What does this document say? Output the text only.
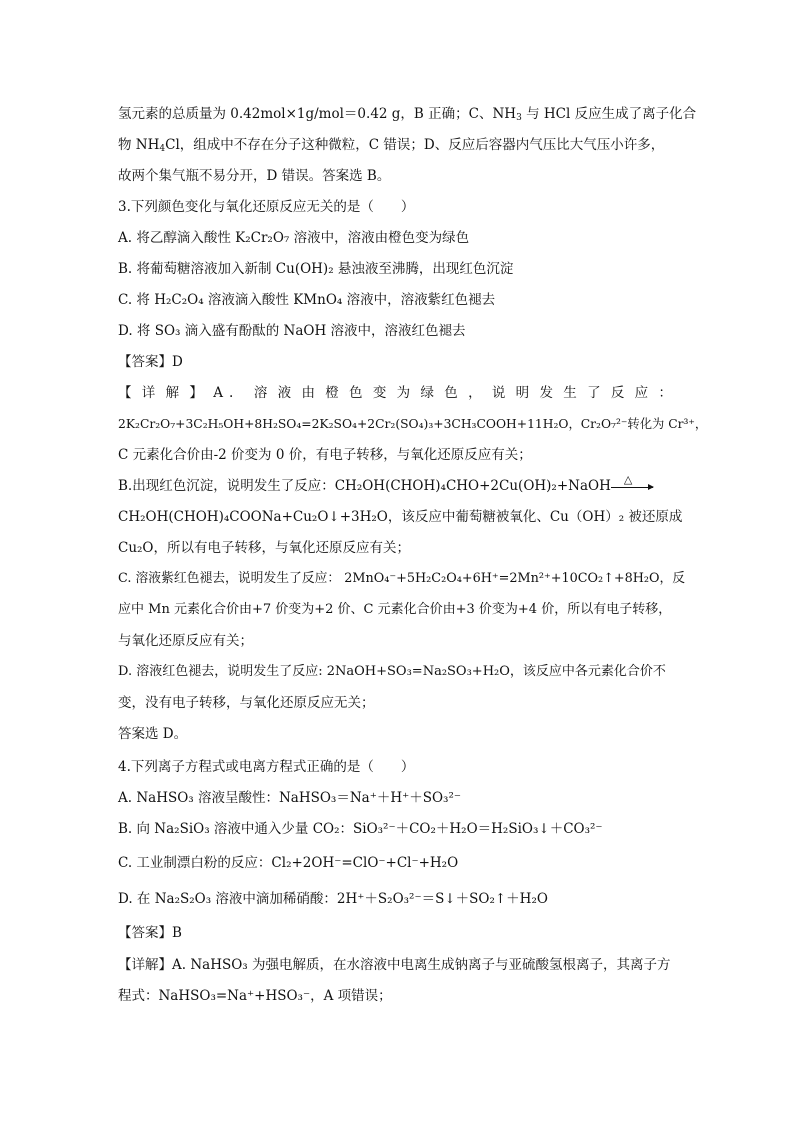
氢元素的总质量为 0.42mol×1g/mol＝0.42 g，B 正确；C、$NH_3$ 与 HCl 反应生成了离子化合
物 $NH_4Cl$，组成中不存在分子这种微粒，C 错误；D、反应后容器内气压比大气压小许多，
故两个集气瓶不易分开，D 错误。答案选 B。
3.下列颜色变化与氧化还原反应无关的是（　　）
A. 将乙醇滴入酸性 K₂Cr₂O₇ 溶液中，溶液由橙色变为绿色
B. 将葡萄糖溶液加入新制 Cu(OH)₂ 悬浊液至沸腾，出现红色沉淀
C. 将 H₂C₂O₄ 溶液滴入酸性 KMnO₄ 溶液中，溶液紫红色褪去
D. 将 SO₃ 滴入盛有酚酞的 NaOH 溶液中，溶液红色褪去
【答案】D
【详解】A. 溶液由橙色变为绿色，说明发生了反应：
2K₂Cr₂O₇+3C₂H₅OH+8H₂SO₄=2K₂SO₄+2Cr₂(SO₄)₃+3CH₃COOH+11H₂O，Cr₂O₇²⁻转化为 Cr³⁺，
C 元素化合价由-2 价变为 0 价，有电子转移，与氧化还原反应有关；
B.出现红色沉淀，说明发生了反应：CH₂OH(CHOH)₄CHO+2Cu(OH)₂+NaOH △
CH₂OH(CHOH)₄COONa+Cu₂O↓+3H₂O，该反应中葡萄糖被氧化、Cu（OH）₂ 被还原成
Cu₂O，所以有电子转移，与氧化还原反应有关；
C. 溶液紫红色褪去，说明发生了反应： 2MnO₄⁻+5H₂C₂O₄+6H⁺=2Mn²⁺+10CO₂↑+8H₂O，反
应中 Mn 元素化合价由+7 价变为+2 价、C 元素化合价由+3 价变为+4 价，所以有电子转移，
与氧化还原反应有关；
D. 溶液红色褪去，说明发生了反应: 2NaOH+SO₃=Na₂SO₃+H₂O，该反应中各元素化合价不
变，没有电子转移，与氧化还原反应无关；
答案选 D。
4.下列离子方程式或电离方程式正确的是（　　）
A. NaHSO₃ 溶液呈酸性：NaHSO₃＝Na⁺＋H⁺＋SO₃²⁻
B. 向 Na₂SiO₃ 溶液中通入少量 CO₂：SiO₃²⁻＋CO₂＋H₂O＝H₂SiO₃↓＋CO₃²⁻
C. 工业制漂白粉的反应：Cl₂+2OH⁻=ClO⁻+Cl⁻+H₂O
D. 在 Na₂S₂O₃ 溶液中滴加稀硝酸：2H⁺＋S₂O₃²⁻＝S↓＋SO₂↑＋H₂O
【答案】B
【详解】A. NaHSO₃ 为强电解质，在水溶液中电离生成钠离子与亚硫酸氢根离子，其离子方
程式：NaHSO₃=Na⁺+HSO₃⁻，A 项错误；
